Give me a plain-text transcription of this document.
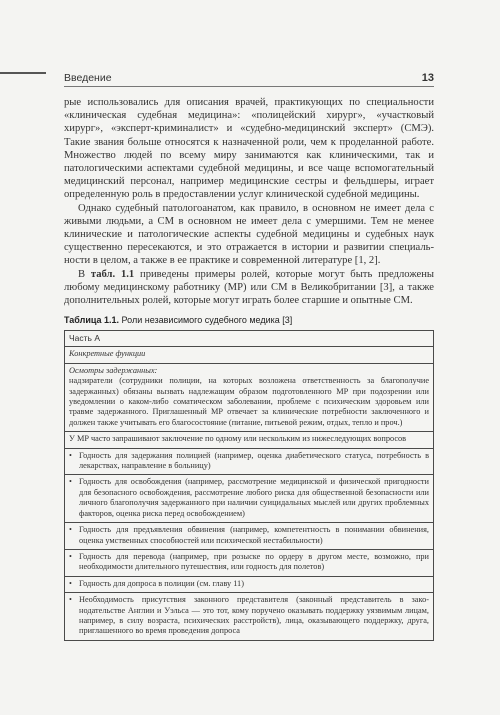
Введение	13

рые использовались для описания врачей, практикующих по специальности «клиническая судебная медицина»: «полицейский хирург», «участковый хирург», «эксперт-криминалист» и «судебно-медицинский эксперт» (СМЭ). Такие звания больше относятся к назначенной роли, чем к проделанной работе. Множество людей по всему миру занимаются как клиническими, так и патологическими аспектами судебной медицины, и все чаще вспомогательный медицинский персонал, например медицинские сестры и фельдшеры, играет определенную роль в предоставлении услуг клинической судебной медицины.

Однако судебный патологоанатом, как правило, в основном не имеет дела с живыми людьми, а СМ в основном не имеет дела с умершими. Тем не менее клинические и патологические аспекты судебной медицины и судебных наук существенно пересекаются, и это отражается в истории и развитии специальности в целом, а также в ее практике и современной литературе [1, 2].

В табл. 1.1 приведены примеры ролей, которые могут быть предложены любому медицинскому работнику (МР) или СМ в Великобритании [3], а также дополнительных ролей, которые могут играть более старшие и опытные СМ.

Таблица 1.1. Роли независимого судебного медика [3]
Часть А
Конкретные функции

Осмотры задержанных:
надзиратели (сотрудники полиции, на которых возложена ответственность за благополучие задержанных) обязаны вызвать надлежащим образом подготовленного МР при подозрении или уведомлении о каком-либо соматическом заболевании, проблеме с психическим здоровьем или травме задержанного. Приглашенный МР отвечает за клинические потребности заключенного и должен также учитывать его благосостояние (питание, питьевой режим, отдых, тепло и проч.)
У МР часто запрашивают заключение по одному или нескольким из нижеследующих вопросов

• Годность для задержания полицией (например, оценка диабетического статуса, потребность в лекарствах, направление в больницу)

• Годность для освобождения (например, рассмотрение медицинской и физической пригодности для безопасного освобождения, рассмотрение любого риска для общественной безопасности или личного благополучия задержанного при наличии суицидальных мыслей или других проблемных факторов, оценка риска перед освобождением)

• Годность для предъявления обвинения (например, компетентность в понимании обвинения, оценка умственных способностей или психической нестабильности)

• Годность для перевода (например, при розыске по ордеру в другом месте, возможно, при необходимости длительного путешествия, или годность для полетов)

• Годность для допроса в полиции (см. главу 11)

• Необходимость присутствия законного представителя (законный представитель в законодательстве Англии и Уэльса — это тот, кому поручено оказывать поддержку уязвимым лицам, например, в силу возраста, психических расстройств), лица, оказывающего поддержку, друга, приглашенного во время проведения допроса
